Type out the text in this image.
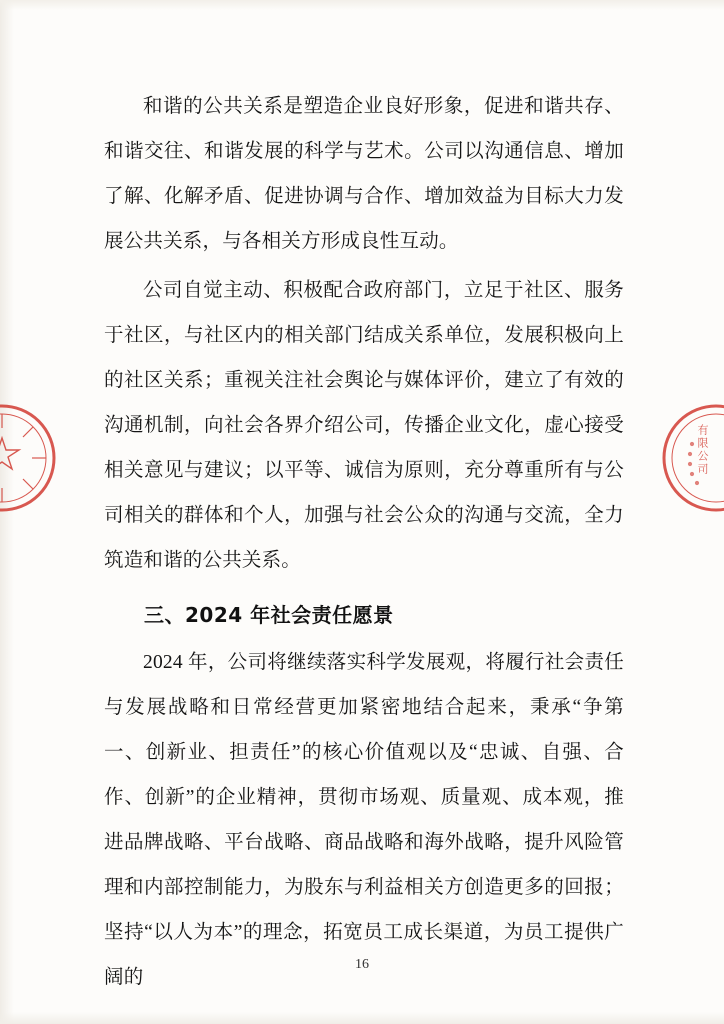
有限公司

和谐的公共关系是塑造企业良好形象，促进和谐共存、和谐交往、和谐发展的科学与艺术。公司以沟通信息、增加了解、化解矛盾、促进协调与合作、增加效益为目标大力发展公共关系，与各相关方形成良性互动。

公司自觉主动、积极配合政府部门，立足于社区、服务于社区，与社区内的相关部门结成关系单位，发展积极向上的社区关系；重视关注社会舆论与媒体评价，建立了有效的沟通机制，向社会各界介绍公司，传播企业文化，虚心接受相关意见与建议；以平等、诚信为原则，充分尊重所有与公司相关的群体和个人，加强与社会公众的沟通与交流，全力筑造和谐的公共关系。

三、2024 年社会责任愿景

2024 年，公司将继续落实科学发展观，将履行社会责任与发展战略和日常经营更加紧密地结合起来，秉承“争第一、创新业、担责任”的核心价值观以及“忠诚、自强、合作、创新”的企业精神，贯彻市场观、质量观、成本观，推进品牌战略、平台战略、商品战略和海外战略，提升风险管理和内部控制能力，为股东与利益相关方创造更多的回报；坚持“以人为本”的理念，拓宽员工成长渠道，为员工提供广阔的

16
